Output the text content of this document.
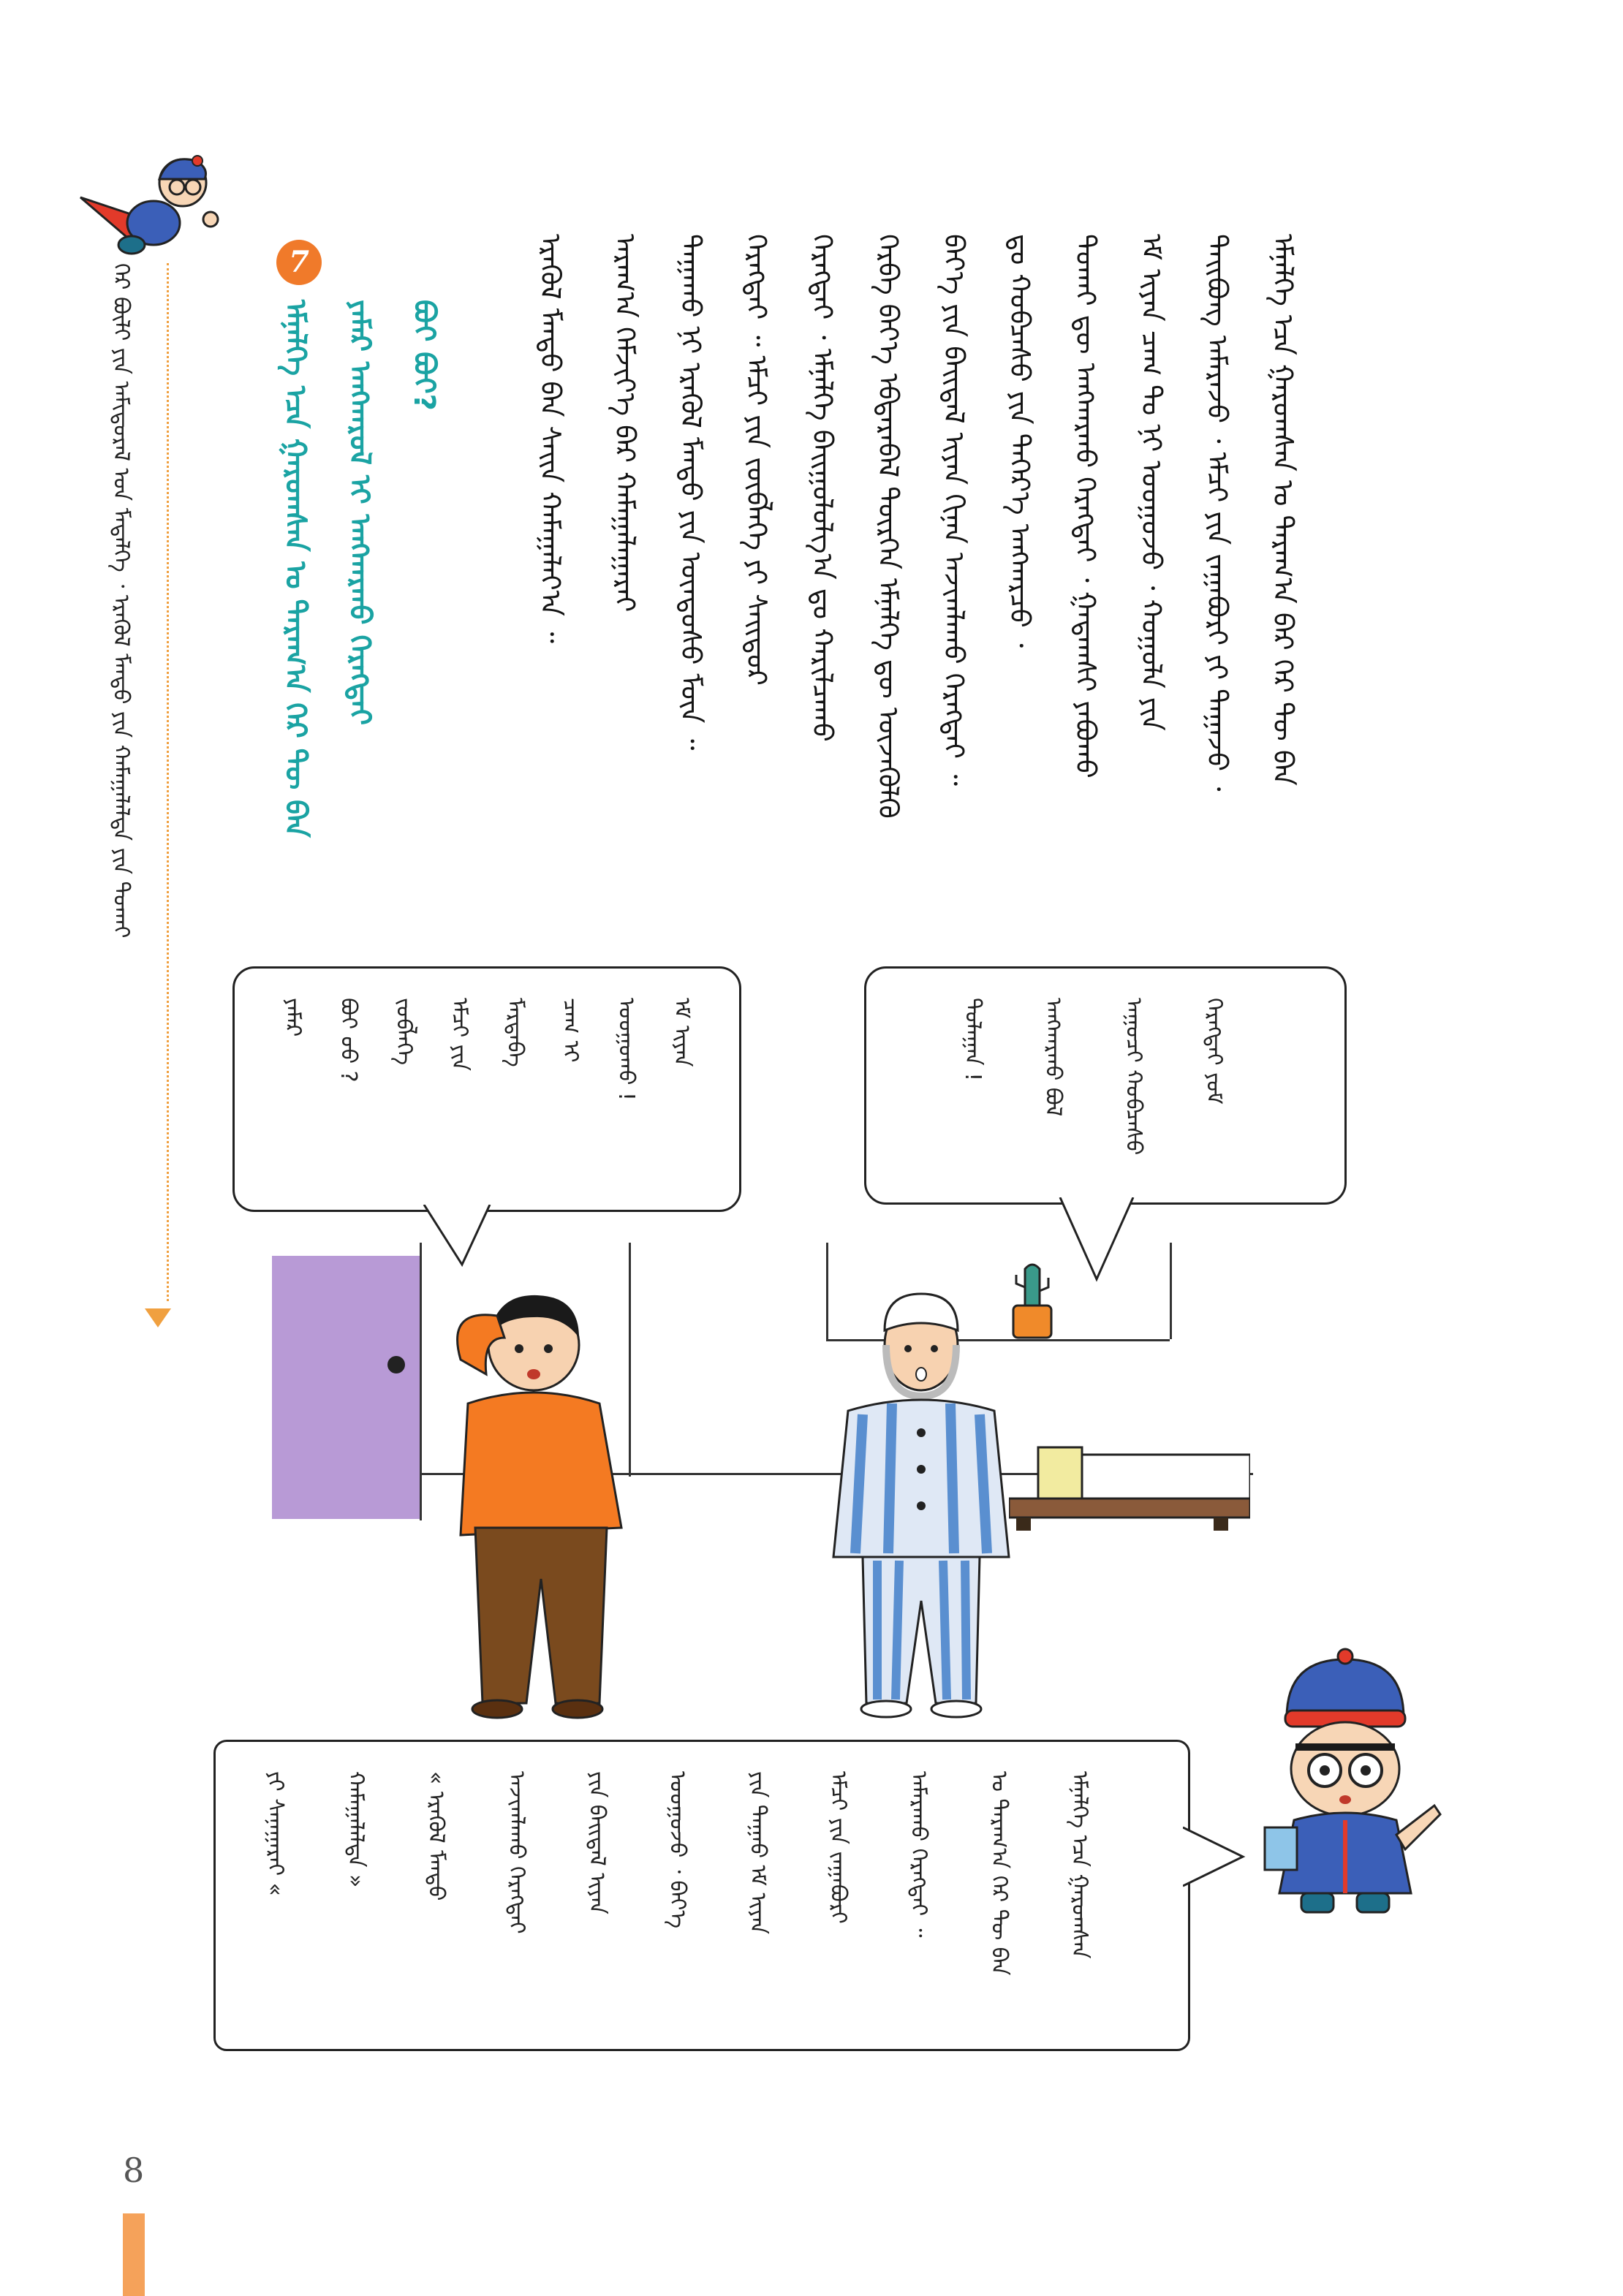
ᠭᠡᠷ ᠪᠦᠯᠢ ᠶᠢᠨ ᠠᠮᠢᠳᠤᠷᠠᠯ ᠤᠨ ᠮᠡᠳᠡᠯᠭᠡ ᠂ ᠡᠷᠡᠭᠦᠯ ᠮᠡᠨᠳᠦ ᠶᠢᠨ ᠬᠠᠮᠠᠭᠠᠯᠠᠯᠳᠠ ᠶᠢᠨ ᠲᠤᠬᠠᠢ
7
ᠡᠮᠨᠡᠯᠭᠡ ᠡᠴᠡ ᠭᠠᠷᠤᠭᠰᠠᠨ ᠤ ᠳᠠᠷᠠᠭ᠎ᠠ ᠭᠡᠷ ᠲᠦ ᠪᠠᠨ ᠶᠠᠮᠠᠷ ᠠᠩᠬᠠᠷᠤᠯ ᠢ ᠠᠩᠬᠠᠷᠬᠤ ᠬᠡᠷᠡᠭᠲᠡᠢ ᠪᠤᠢ ᠪᠤᠢ?	ᠡᠷᠡᠭᠦᠯ ᠮᠡᠨᠳᠦ ᠪᠡᠨ ᠰᠠᠢᠨ ᠬᠠᠮᠠᠭᠠᠯᠠᠶ᠎ᠠ ᠃ ᠠᠷᠠᠭ᠎ᠠ ᠬᠡᠮᠵᠢᠶ᠎ᠡ ᠪᠡᠷ ᠬᠠᠮᠠᠭᠠᠯᠠᠭᠠᠷᠠᠢ ᠳᠠᠭᠠᠬᠤ ᠨᠢ ᠡᠷᠡᠭᠦᠯ ᠮᠡᠨᠳᠦ ᠶᠢᠨ ᠦᠨᠳᠦᠰᠦ ᠮᠦᠨ ᠃ ᠬᠡᠷᠡᠭᠲᠡᠢ ᠃ ᠡᠮᠴᠢ ᠶᠢᠨ ᠵᠥᠪᠯᠡᠭᠡ ᠶᠢ ᠰᠠᠢᠲᠤᠷ ᠬᠡᠷᠡᠭᠲᠡᠢ ᠂ ᠡᠮᠨᠡᠯᠭᠡ ᠪᠠᠢᠭᠤᠯᠤᠯᠭ᠎ᠠ ᠳᠤ ᠬᠠᠷᠢᠯᠴᠠᠬᠤ ᠬᠡᠷᠪᠡ ᠪᠡᠶ᠎ᠡ ᠡᠪᠳᠡᠷᠡᠪᠡᠯ ᠲᠦᠷᠭᠡᠨ ᠡᠮᠨᠡᠯᠭᠡ ᠳᠦ ᠦᠵᠡᠭᠦᠯᠬᠦ ᠪᠡᠶ᠎ᠡ ᠶᠢᠨ ᠪᠠᠢᠳᠠᠯ ᠢᠶᠠᠨ ᠬᠢᠨᠠᠨ ᠠᠵᠢᠭᠯᠠᠬᠤ ᠬᠡᠷᠡᠭᠲᠡᠢ ᠃ ᠳᠤ ᠬᠤᠪᠴᠠᠰᠤ ᠶᠢᠨ ᠳᠡᠭᠡᠷ᠎ᠡ ᠠᠩᠬᠠᠷᠴᠤ ᠂ ᠲᠤᠬᠠᠢ ᠳᠦ ᠠᠩᠬᠠᠷᠬᠤ ᠬᠡᠷᠡᠭᠲᠡᠢ ᠂ ᠭᠠᠳᠠᠭᠰᠢ ᠶᠠᠪᠤᠬᠤ ᠡᠮ ᠢᠶᠡᠨ ᠴᠠᠭ ᠲᠤ ᠨᠢ ᠤᠤᠭᠤᠵᠤ ᠂ ᠬᠣᠭᠤᠯᠠ ᠶᠢᠨ ᠲᠠᠢᠪᠤᠩ ᠠᠮᠠᠷᠠᠵᠤ ᠂ ᠡᠮᠴᠢ ᠶᠢᠨ ᠵᠠᠭᠠᠪᠤᠷᠢ ᠶᠢ ᠳᠠᠭᠠᠵᠤ ᠂ ᠡᠮᠨᠡᠯᠭᠡ ᠡᠴᠡ ᠭᠠᠷᠤᠭᠰᠠᠨ ᠤ ᠳᠠᠷᠠᠭ᠎ᠠ ᠪᠡᠷ ᠭᠡᠷ ᠲᠦ ᠪᠠᠨ
ᠶᠠᠮᠠᠷ ᠪᠤᠢ ᠤᠤ ? ᠵᠤᠪᠯᠡᠭᠡ ᠡᠮᠴᠢ ᠶᠢᠨ ᠮᠠᠷᠲᠠᠪᠠ ᠴᠠᠭ ᠢ ᠤᠤᠭᠤᠬᠤ ! ᠡᠮ ᠢᠶᠡᠨ	ᠳᠤᠯᠠᠭᠠᠨ !	ᠠᠩᠬᠠᠷᠬᠤ ᠪᠤᠯ	ᠠᠭᠤᠴᠢ ᠬᠤᠪᠴᠠᠰᠤ	ᠬᠡᠷᠡᠭᠲᠡᠢ ᠶᠤᠮ
ᠶᠢ ᠰᠠᠨᠠᠭᠠᠷᠠᠢ «	ᠬᠠᠮᠠᠭᠠᠯᠠᠯᠳᠠ »	« ᠡᠷᠡᠭᠦᠯ ᠮᠡᠨᠳᠦ	ᠠᠵᠢᠭᠯᠠᠬᠤ ᠬᠡᠷᠡᠭᠲᠡᠢ	ᠶᠢᠨ ᠪᠠᠢᠳᠠᠯ ᠢᠶᠠᠨ	ᠤᠤᠭᠤᠵᠤ ᠂ ᠪᠡᠶ᠎ᠡ	ᠶᠢᠨ ᠳᠠᠭᠠᠤ ᠡᠮ ᠢᠶᠡᠨ	ᠡᠮᠴᠢ ᠶᠢᠨ ᠵᠠᠭᠠᠪᠤᠷᠢ	ᠠᠮᠠᠷᠠᠬᠤ ᠬᠡᠷᠡᠭᠲᠡᠢ ᠃	ᠤ ᠳᠠᠷᠠᠭ᠎ᠠ ᠭᠡᠷ ᠲᠦ ᠪᠠᠨ	ᠡᠮᠨᠡᠯᠭᠡ ᠡᠴᠡ ᠭᠠᠷᠤᠭᠰᠠᠨ
8
